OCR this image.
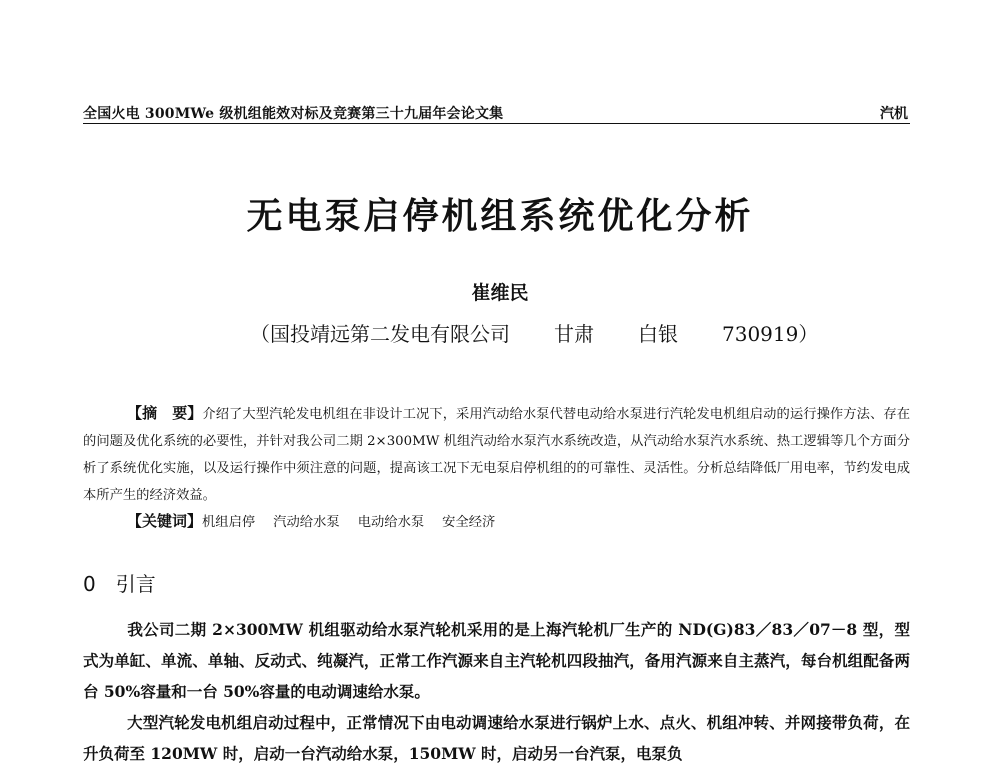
全国火电 300MWe 级机组能效对标及竞赛第三十九届年会论文集	汽机
无电泵启停机组系统优化分析

崔维民

（国投靖远第二发电有限公司 甘肃 白银 730919）

【摘　要】介绍了大型汽轮发电机组在非设计工况下，采用汽动给水泵代替电动给水泵进行汽轮发电机组启动的运行操作方法、存在的问题及优化系统的必要性，并针对我公司二期 2×300MW 机组汽动给水泵汽水系统改造，从汽动给水泵汽水系统、热工逻辑等几个方面分析了系统优化实施，以及运行操作中须注意的问题，提高该工况下无电泵启停机组的的可靠性、灵活性。分析总结降低厂用电率，节约发电成本所产生的经济效益。

【关键词】机组启停 汽动给水泵 电动给水泵 安全经济

0 引言

我公司二期 2×300MW 机组驱动给水泵汽轮机采用的是上海汽轮机厂生产的 ND(G)83／83／07－8 型，型式为单缸、单流、单轴、反动式、纯凝汽，正常工作汽源来自主汽轮机四段抽汽，备用汽源来自主蒸汽，每台机组配备两台 50%容量和一台 50%容量的电动调速给水泵。

大型汽轮发电机组启动过程中，正常情况下由电动调速给水泵进行锅炉上水、点火、机组冲转、并网接带负荷，在升负荷至 120MW 时，启动一台汽动给水泵，150MW 时，启动另一台汽泵，电泵负
